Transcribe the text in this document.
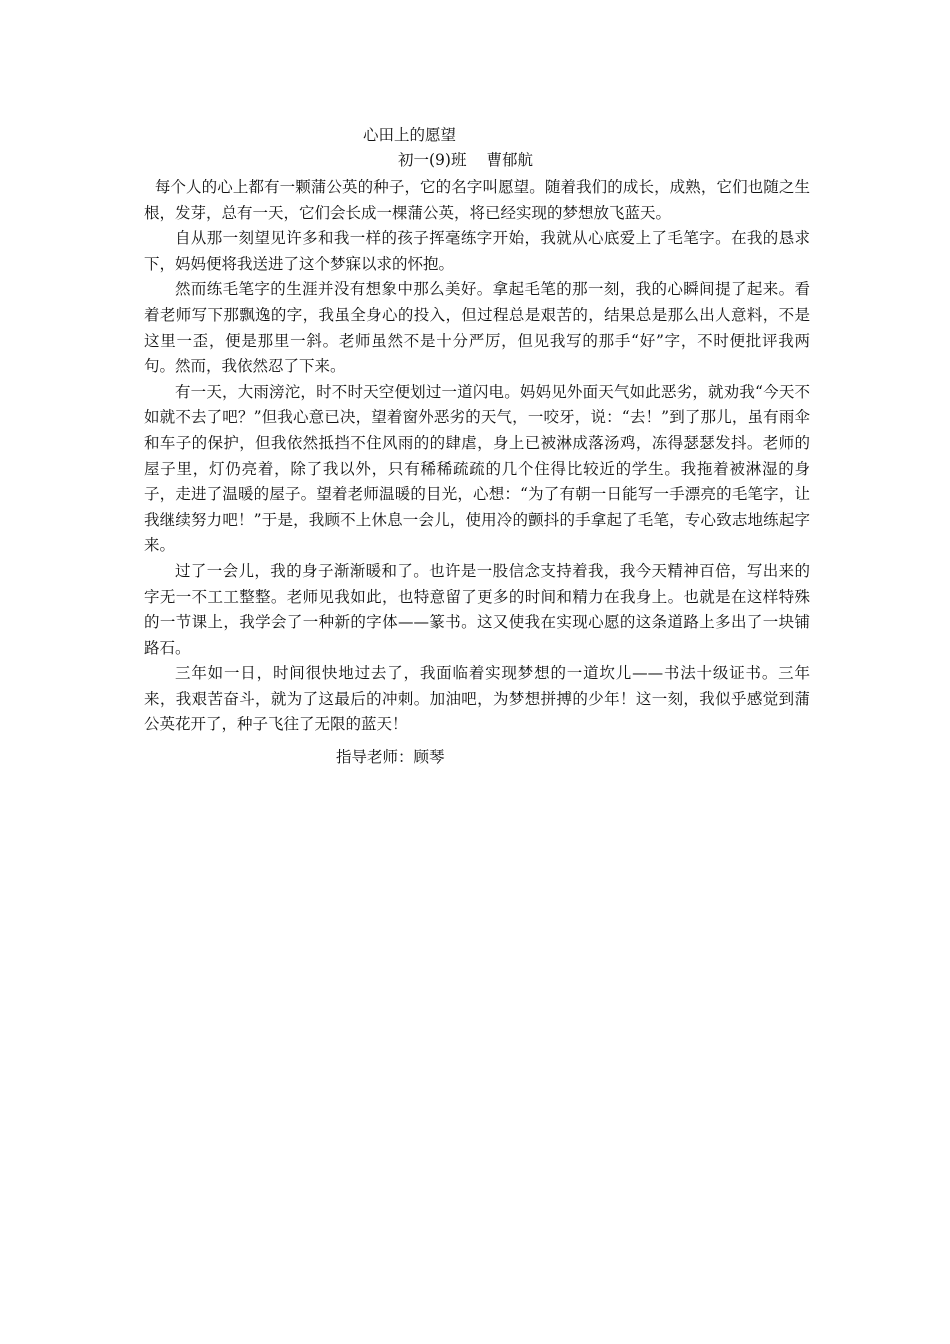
心田上的愿望
初一(9)班 曹郁航

每个人的心上都有一颗蒲公英的种子，它的名字叫愿望。随着我们的成长，成熟，它们也随之生根，发芽，总有一天，它们会长成一棵蒲公英，将已经实现的梦想放飞蓝天。

自从那一刻望见许多和我一样的孩子挥毫练字开始，我就从心底爱上了毛笔字。在我的恳求下，妈妈便将我送进了这个梦寐以求的怀抱。

然而练毛笔字的生涯并没有想象中那么美好。拿起毛笔的那一刻，我的心瞬间提了起来。看着老师写下那飘逸的字，我虽全身心的投入，但过程总是艰苦的，结果总是那么出人意料，不是这里一歪，便是那里一斜。老师虽然不是十分严厉，但见我写的那手“好”字，不时便批评我两句。然而，我依然忍了下来。

有一天，大雨滂沱，时不时天空便划过一道闪电。妈妈见外面天气如此恶劣，就劝我“今天不如就不去了吧？”但我心意已决，望着窗外恶劣的天气，一咬牙，说：“去！”到了那儿，虽有雨伞和车子的保护，但我依然抵挡不住风雨的的肆虐，身上已被淋成落汤鸡，冻得瑟瑟发抖。老师的屋子里，灯仍亮着，除了我以外，只有稀稀疏疏的几个住得比较近的学生。我拖着被淋湿的身子，走进了温暖的屋子。望着老师温暖的目光，心想：“为了有朝一日能写一手漂亮的毛笔字，让我继续努力吧！”于是，我顾不上休息一会儿，使用冷的颤抖的手拿起了毛笔，专心致志地练起字来。

过了一会儿，我的身子渐渐暖和了。也许是一股信念支持着我，我今天精神百倍，写出来的字无一不工工整整。老师见我如此，也特意留了更多的时间和精力在我身上。也就是在这样特殊的一节课上，我学会了一种新的字体——篆书。这又使我在实现心愿的这条道路上多出了一块铺路石。

三年如一日，时间很快地过去了，我面临着实现梦想的一道坎儿——书法十级证书。三年来，我艰苦奋斗，就为了这最后的冲刺。加油吧，为梦想拼搏的少年！这一刻，我似乎感觉到蒲公英花开了，种子飞往了无限的蓝天！

指导老师：顾琴
